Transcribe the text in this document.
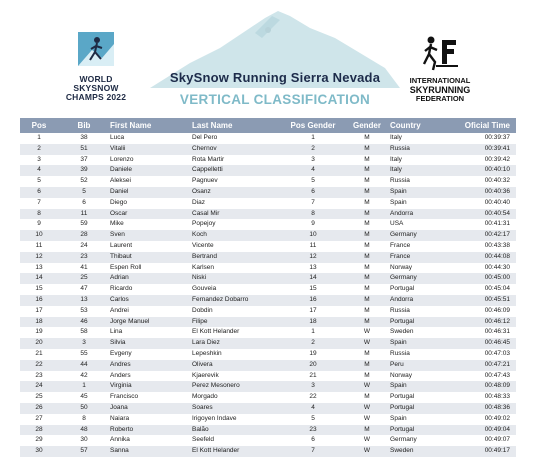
WORLD
SKYSNOW
CHAMPS 2022
SkySnow Running Sierra Nevada
VERTICAL CLASSIFICATION
INTERNATIONAL
SKYRUNNING
FEDERATION
Pos	Bib	First Name	Last Name	Pos Gender	Gender	Country	Oficial Time
1	38	Luca	Del Pero	1	M	Italy	00:39:37
2	51	Vitalii	Chernov	2	M	Russia	00:39:41
3	37	Lorenzo	Rota Martir	3	M	Italy	00:39:42
4	39	Daniele	Cappelletti	4	M	Italy	00:40:10
5	52	Aleksei	Pagnuev	5	M	Russia	00:40:32
6	5	Daniel	Osanz	6	M	Spain	00:40:36
7	6	Diego	Diaz	7	M	Spain	00:40:40
8	11	Oscar	Casal Mir	8	M	Andorra	00:40:54
9	59	Mike	Popejoy	9	M	USA	00:41:31
10	28	Sven	Koch	10	M	Germany	00:42:17
11	24	Laurent	Vicente	11	M	France	00:43:38
12	23	Thibaut	Bertrand	12	M	France	00:44:08
13	41	Espen Roll	Karlsen	13	M	Norway	00:44:30
14	25	Adrian	Niski	14	M	Germany	00:45:00
15	47	Ricardo	Gouveia	15	M	Portugal	00:45:04
16	13	Carlos	Fernandez Dobarro	16	M	Andorra	00:45:51
17	53	Andrei	Dobdin	17	M	Russia	00:46:09
18	46	Jorge Manuel	Filipe	18	M	Portugal	00:46:12
19	58	Lina	El Kott Helander	1	W	Sweden	00:46:31
20	3	Silvia	Lara Diez	2	W	Spain	00:46:45
21	55	Evgeny	Lepeshkin	19	M	Russia	00:47:03
22	44	Andres	Olivera	20	M	Peru	00:47:21
23	42	Anders	Kjaerevik	21	M	Norway	00:47:43
24	1	Virginia	Perez Mesonero	3	W	Spain	00:48:09
25	45	Francisco	Morgado	22	M	Portugal	00:48:33
26	50	Joana	Soares	4	W	Portugal	00:48:36
27	8	Naiara	Irigoyen Indave	5	W	Spain	00:49:02
28	48	Roberto	Balão	23	M	Portugal	00:49:04
29	30	Annika	Seefeld	6	W	Germany	00:49:07
30	57	Sanna	El Kott Helander	7	W	Sweden	00:49:17
